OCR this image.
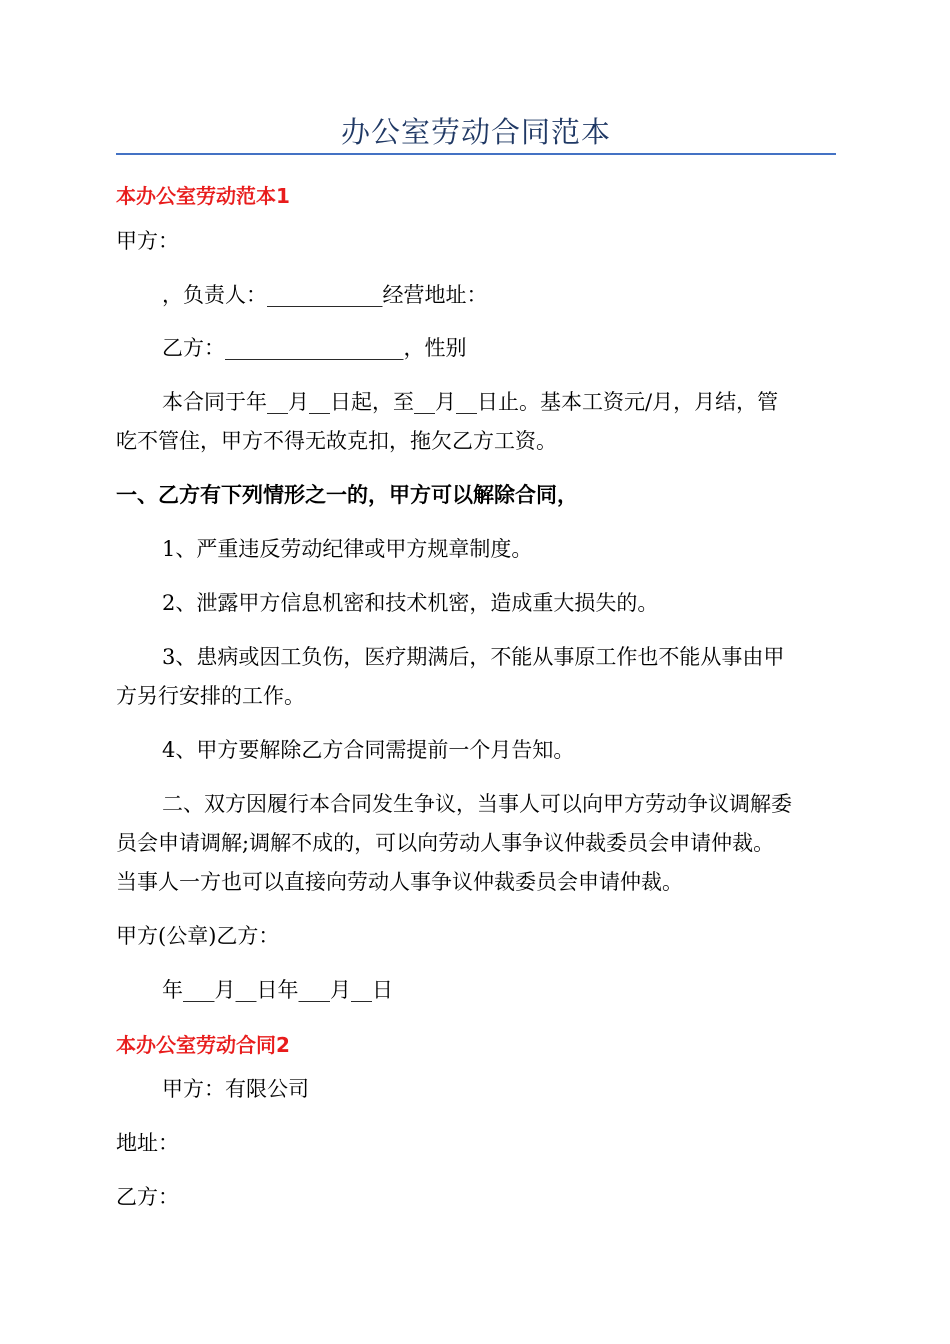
办公室劳动合同范本
本办公室劳动范本1
甲方：
，负责人：___________经营地址：
乙方：_________________，性别
本合同于年__月__日起，至__月__日止。基本工资元/月，月结，管
吃不管住，甲方不得无故克扣，拖欠乙方工资。
一、乙方有下列情形之一的，甲方可以解除合同，
1、严重违反劳动纪律或甲方规章制度。
2、泄露甲方信息机密和技术机密，造成重大损失的。
3、患病或因工负伤，医疗期满后，不能从事原工作也不能从事由甲
方另行安排的工作。
4、甲方要解除乙方合同需提前一个月告知。
二、双方因履行本合同发生争议，当事人可以向甲方劳动争议调解委
员会申请调解;调解不成的，可以向劳动人事争议仲裁委员会申请仲裁。
当事人一方也可以直接向劳动人事争议仲裁委员会申请仲裁。
甲方(公章)乙方：
年___月__日年___月__日
本办公室劳动合同2
甲方：有限公司
地址：
乙方：
